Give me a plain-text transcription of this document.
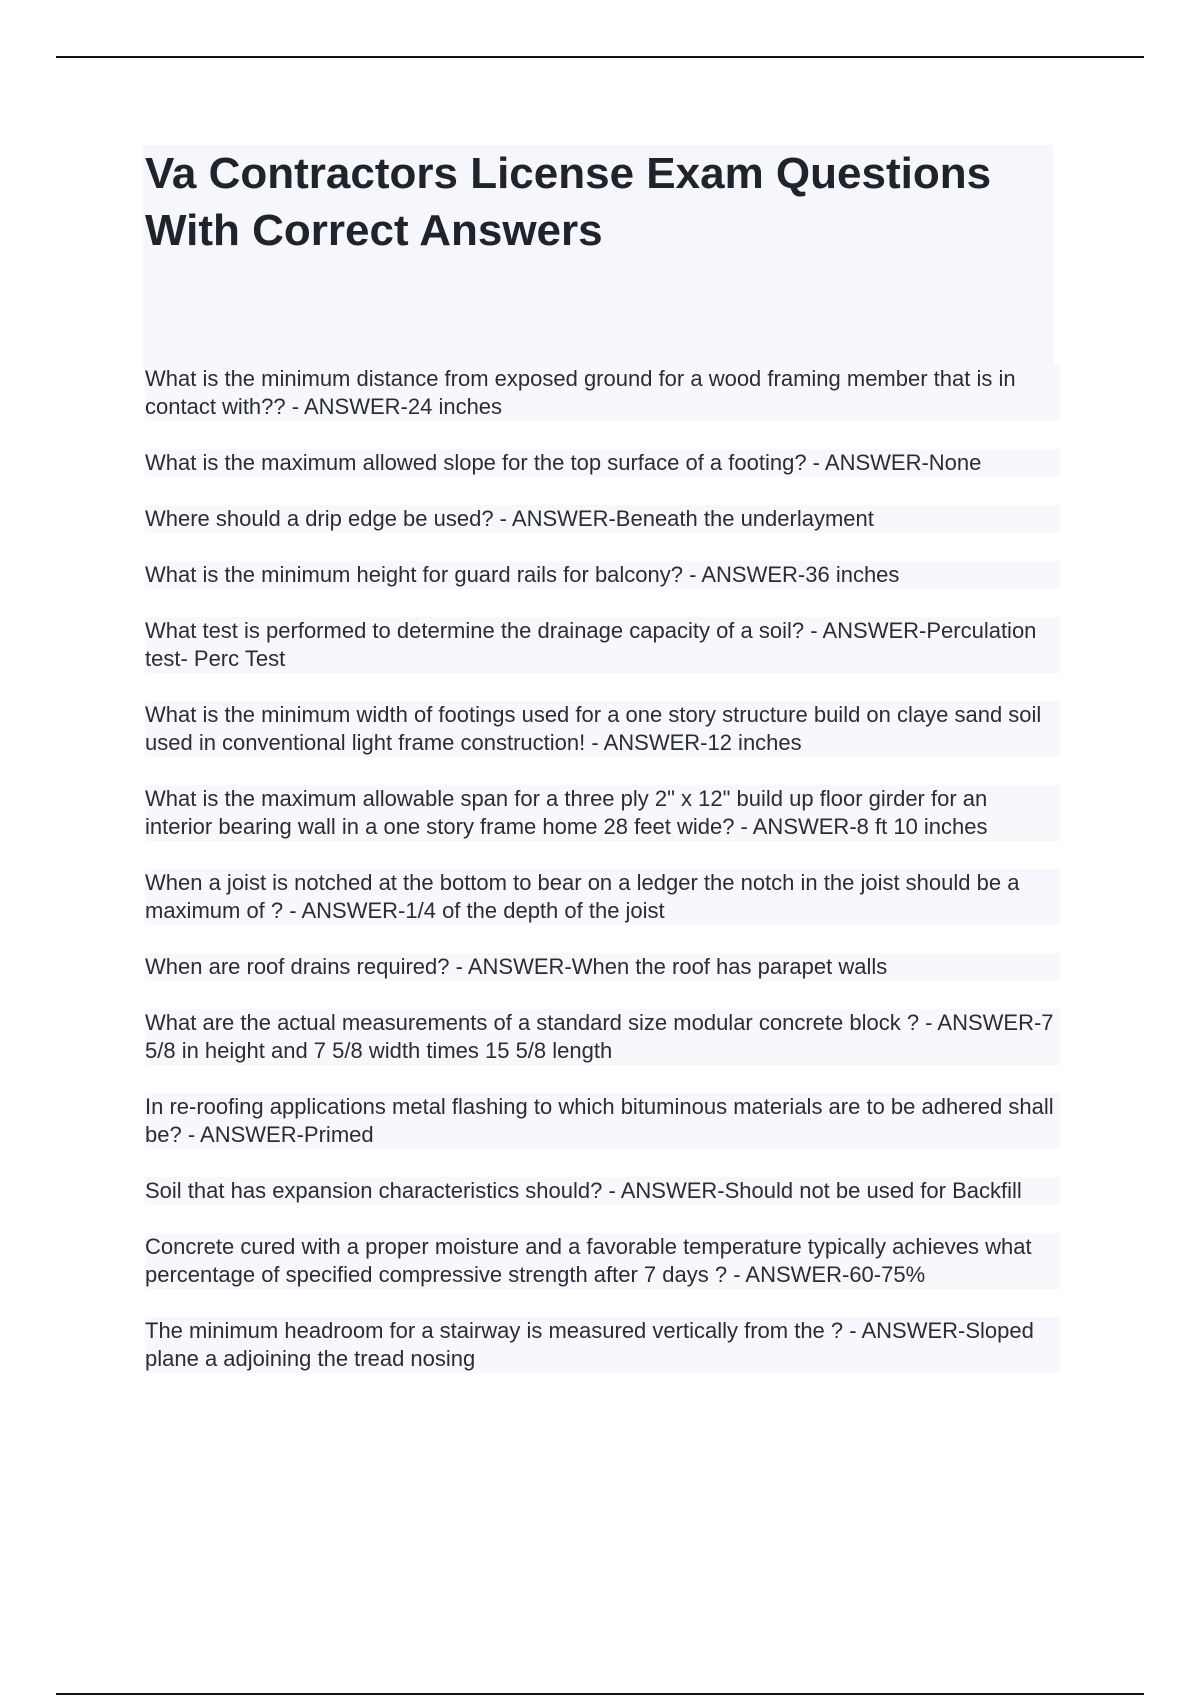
Va Contractors License Exam Questions With Correct Answers
What is the minimum distance from exposed ground for a wood framing member that is in contact with?? - ANSWER-24 inches
What is the maximum allowed slope for the top surface of a footing? - ANSWER-None
Where should a drip edge be used? - ANSWER-Beneath the underlayment
What is the minimum height for guard rails for balcony? - ANSWER-36 inches
What test is performed to determine the drainage capacity of a soil? - ANSWER-Perculation test- Perc Test
What is the minimum width of footings used for a one story structure build on claye sand soil used in conventional light frame construction! - ANSWER-12 inches
What is the maximum allowable span for a three ply 2" x 12" build up floor girder for an interior bearing wall in a one story frame home 28 feet wide? - ANSWER-8 ft 10 inches
When a joist is notched at the bottom to bear on a ledger the notch in the joist should be a maximum of ? - ANSWER-1/4 of the depth of the joist
When are roof drains required? - ANSWER-When the roof has parapet walls
What are the actual measurements of a standard size modular concrete block ? - ANSWER-7 5/8 in height and 7 5/8 width times 15 5/8 length
In re-roofing applications metal flashing to which bituminous materials are to be adhered shall be? - ANSWER-Primed
Soil that has expansion characteristics should? - ANSWER-Should not be used for Backfill
Concrete cured with a proper moisture and a favorable temperature typically achieves what percentage of specified compressive strength after 7 days ? - ANSWER-60-75%
The minimum headroom for a stairway is measured vertically from the ? - ANSWER-Sloped plane a adjoining the tread nosing
